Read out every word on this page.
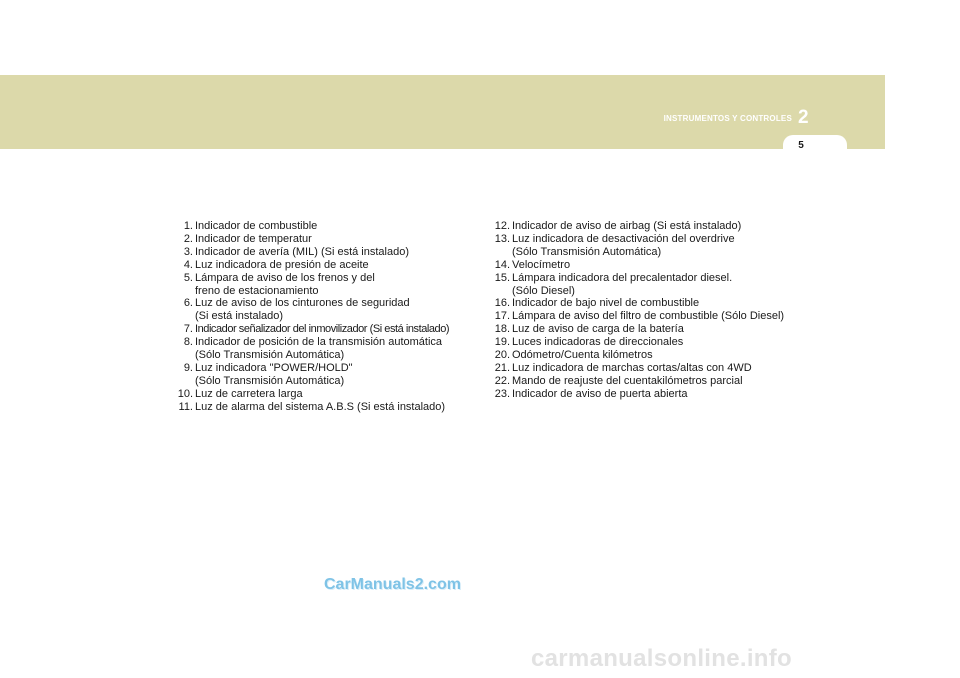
INSTRUMENTOS Y CONTROLES 2
5
1. Indicador de combustible
2. Indicador de temperatur
3. Indicador de avería (MIL) (Si está instalado)
4. Luz indicadora de presión de aceite
5. Lámpara de aviso de los frenos y del
freno de estacionamiento
6. Luz de aviso de los cinturones de seguridad
(Si está instalado)
7. Indicador señalizador del inmovilizador (Si está instalado)
8. Indicador de posición de la transmisión automática
(Sólo Transmisión Automática)
9. Luz indicadora "POWER/HOLD"
(Sólo Transmisión Automática)
10. Luz de carretera larga
11. Luz de alarma del sistema A.B.S (Si está instalado)
12. Indicador de aviso de airbag (Si está instalado)
13. Luz indicadora de desactivación del overdrive
(Sólo Transmisión Automática)
14. Velocímetro
15. Lámpara indicadora del precalentador diesel.
(Sólo Diesel)
16. Indicador de bajo nivel de combustible
17. Lámpara de aviso del filtro de combustible (Sólo Diesel)
18. Luz de aviso de carga de la batería
19. Luces indicadoras de direccionales
20. Odómetro/Cuenta kilómetros
21. Luz indicadora de marchas cortas/altas con 4WD
22. Mando de reajuste del cuentakilómetros parcial
23. Indicador de aviso de puerta abierta
CarManuals2.com
carmanualsonline.info
